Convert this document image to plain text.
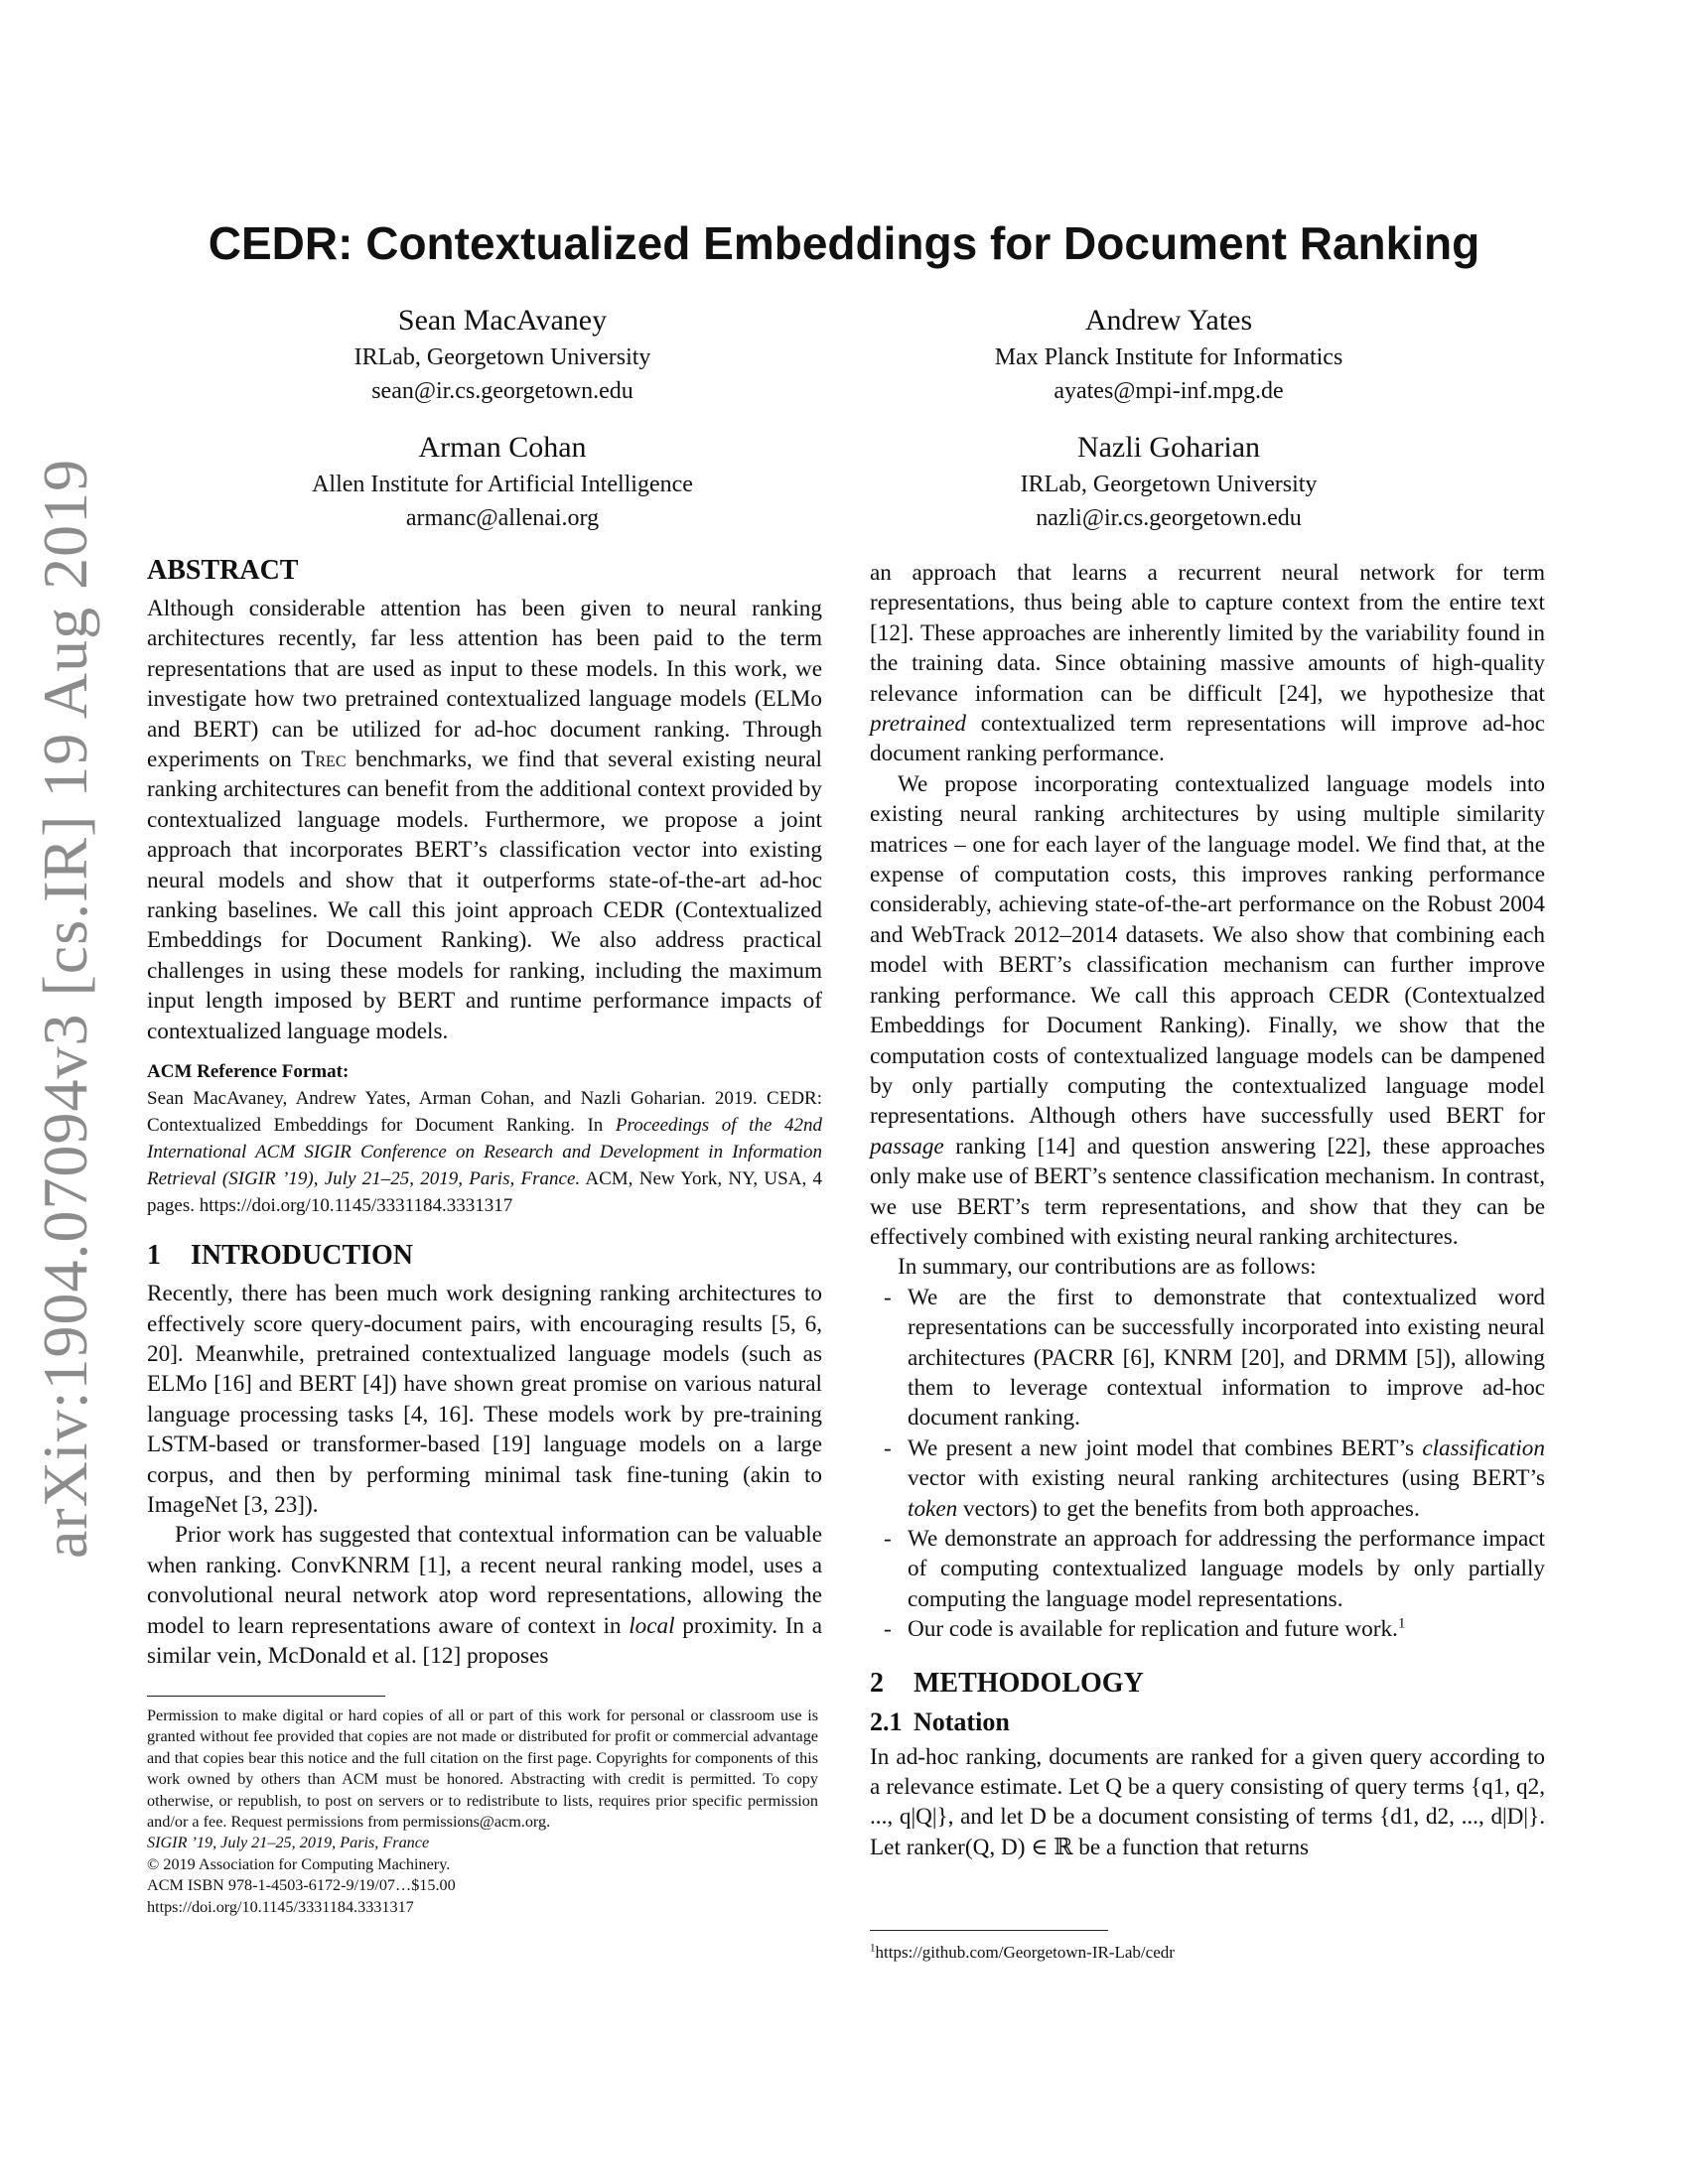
arXiv:1904.07094v3 [cs.IR] 19 Aug 2019
CEDR: Contextualized Embeddings for Document Ranking
Sean MacAvaney
IRLab, Georgetown University
sean@ir.cs.georgetown.edu
Andrew Yates
Max Planck Institute for Informatics
ayates@mpi-inf.mpg.de
Arman Cohan
Allen Institute for Artificial Intelligence
armanc@allenai.org
Nazli Goharian
IRLab, Georgetown University
nazli@ir.cs.georgetown.edu
ABSTRACT

Although considerable attention has been given to neural ranking architectures recently, far less attention has been paid to the term representations that are used as input to these models. In this work, we investigate how two pretrained contextualized language models (ELMo and BERT) can be utilized for ad-hoc document ranking. Through experiments on Trec benchmarks, we find that several existing neural ranking architectures can benefit from the additional context provided by contextualized language models. Furthermore, we propose a joint approach that incorporates BERT’s classification vector into existing neural models and show that it outperforms state-of-the-art ad-hoc ranking baselines. We call this joint approach CEDR (Contextualized Embeddings for Document Ranking). We also address practical challenges in using these models for ranking, including the maximum input length imposed by BERT and runtime performance impacts of contextualized language models.

ACM Reference Format:
Sean MacAvaney, Andrew Yates, Arman Cohan, and Nazli Goharian. 2019. CEDR: Contextualized Embeddings for Document Ranking. In Proceedings of the 42nd International ACM SIGIR Conference on Research and Development in Information Retrieval (SIGIR ’19), July 21–25, 2019, Paris, France. ACM, New York, NY, USA, 4 pages. https://doi.org/10.1145/3331184.3331317
1 INTRODUCTION

Recently, there has been much work designing ranking architectures to effectively score query-document pairs, with encouraging results [5, 6, 20]. Meanwhile, pretrained contextualized language models (such as ELMo [16] and BERT [4]) have shown great promise on various natural language processing tasks [4, 16]. These models work by pre-training LSTM-based or transformer-based [19] language models on a large corpus, and then by performing minimal task fine-tuning (akin to ImageNet [3, 23]).

Prior work has suggested that contextual information can be valuable when ranking. ConvKNRM [1], a recent neural ranking model, uses a convolutional neural network atop word representations, allowing the model to learn representations aware of context in local proximity. In a similar vein, McDonald et al. [12] proposes

Permission to make digital or hard copies of all or part of this work for personal or classroom use is granted without fee provided that copies are not made or distributed for profit or commercial advantage and that copies bear this notice and the full citation on the first page. Copyrights for components of this work owned by others than ACM must be honored. Abstracting with credit is permitted. To copy otherwise, or republish, to post on servers or to redistribute to lists, requires prior specific permission and/or a fee. Request permissions from permissions@acm.org.

SIGIR ’19, July 21–25, 2019, Paris, France

© 2019 Association for Computing Machinery.

ACM ISBN 978-1-4503-6172-9/19/07…$15.00

https://doi.org/10.1145/3331184.3331317

an approach that learns a recurrent neural network for term representations, thus being able to capture context from the entire text [12]. These approaches are inherently limited by the variability found in the training data. Since obtaining massive amounts of high-quality relevance information can be difficult [24], we hypothesize that pretrained contextualized term representations will improve ad-hoc document ranking performance.

We propose incorporating contextualized language models into existing neural ranking architectures by using multiple similarity matrices – one for each layer of the language model. We find that, at the expense of computation costs, this improves ranking performance considerably, achieving state-of-the-art performance on the Robust 2004 and WebTrack 2012–2014 datasets. We also show that combining each model with BERT’s classification mechanism can further improve ranking performance. We call this approach CEDR (Contextualzed Embeddings for Document Ranking). Finally, we show that the computation costs of contextualized language models can be dampened by only partially computing the contextualized language model representations. Although others have successfully used BERT for passage ranking [14] and question answering [22], these approaches only make use of BERT’s sentence classification mechanism. In contrast, we use BERT’s term representations, and show that they can be effectively combined with existing neural ranking architectures.

In summary, our contributions are as follows:

- We are the first to demonstrate that contextualized word representations can be successfully incorporated into existing neural architectures (PACRR [6], KNRM [20], and DRMM [5]), allowing them to leverage contextual information to improve ad-hoc document ranking.
- We present a new joint model that combines BERT’s classification vector with existing neural ranking architectures (using BERT’s token vectors) to get the benefits from both approaches.
- We demonstrate an approach for addressing the performance impact of computing contextualized language models by only partially computing the language model representations.
- Our code is available for replication and future work.$^1$
2 METHODOLOGY
2.1 Notation

In ad-hoc ranking, documents are ranked for a given query according to a relevance estimate. Let Q be a query consisting of query terms {q1, q2, ..., q|Q|}, and let D be a document consisting of terms {d1, d2, ..., d|D|}. Let ranker(Q, D) ∈ ℝ be a function that returns

$^1$https://github.com/Georgetown-IR-Lab/cedr
